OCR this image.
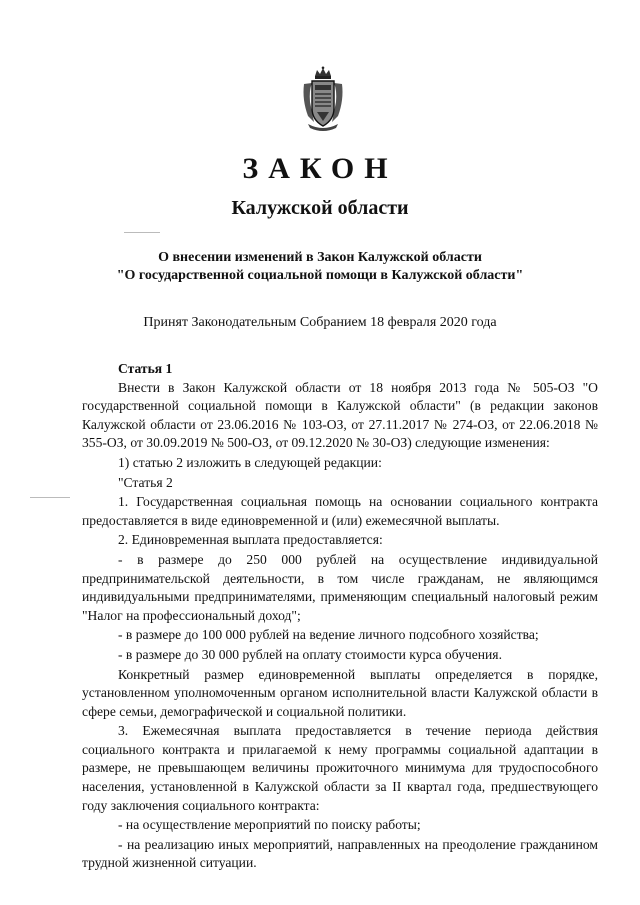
ЗАКОН
Калужской области
О внесении изменений в Закон Калужской области
"О государственной социальной помощи в Калужской области"
Принят Законодательным Собранием 18 февраля 2020 года

Статья 1

Внести в Закон Калужской области от 18 ноября 2013 года № 505-ОЗ "О государственной социальной помощи в Калужской области" (в редакции законов Калужской области от 23.06.2016 № 103-ОЗ, от 27.11.2017 № 274-ОЗ, от 22.06.2018 № 355-ОЗ, от 30.09.2019 № 500-ОЗ, от 09.12.2020 № 30-ОЗ) следующие изменения:

1) статью 2 изложить в следующей редакции:

"Статья 2

1. Государственная социальная помощь на основании социального контракта предоставляется в виде единовременной и (или) ежемесячной выплаты.

2. Единовременная выплата предоставляется:

- в размере до 250 000 рублей на осуществление индивидуальной предпринимательской деятельности, в том числе гражданам, не являющимся индивидуальными предпринимателями, применяющим специальный налоговый режим "Налог на профессиональный доход";

- в размере до 100 000 рублей на ведение личного подсобного хозяйства;

- в размере до 30 000 рублей на оплату стоимости курса обучения.

Конкретный размер единовременной выплаты определяется в порядке, установленном уполномоченным органом исполнительной власти Калужской области в сфере семьи, демографической и социальной политики.

3. Ежемесячная выплата предоставляется в течение периода действия социального контракта и прилагаемой к нему программы социальной адаптации в размере, не превышающем величины прожиточного минимума для трудоспособного населения, установленной в Калужской области за II квартал года, предшествующего году заключения социального контракта:

- на осуществление мероприятий по поиску работы;

- на реализацию иных мероприятий, направленных на преодоление гражданином трудной жизненной ситуации.
